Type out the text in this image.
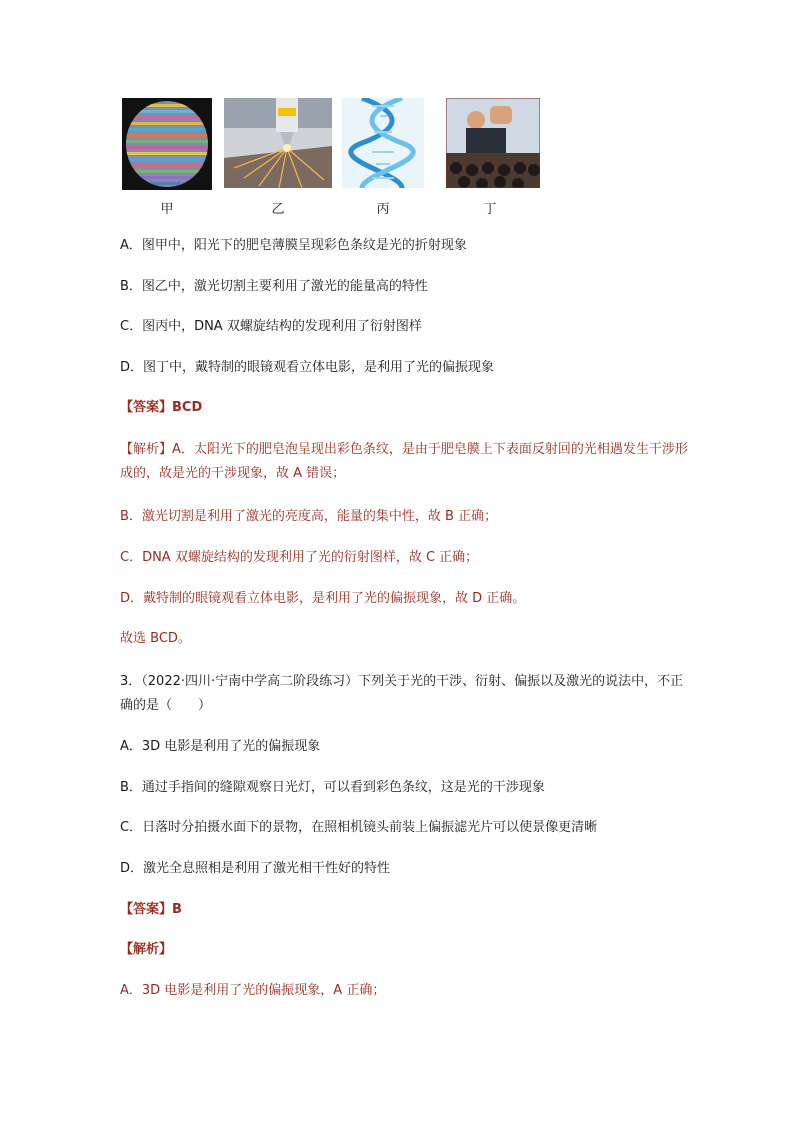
甲	乙	丙	丁
A．图甲中，阳光下的肥皂薄膜呈现彩色条纹是光的折射现象
B．图乙中，激光切割主要利用了激光的能量高的特性
C．图丙中，DNA 双螺旋结构的发现利用了衍射图样
D．图丁中，戴特制的眼镜观看立体电影，是利用了光的偏振现象
【答案】BCD
【解析】A．太阳光下的肥皂泡呈现出彩色条纹，是由于肥皂膜上下表面反射回的光相遇发生干涉形成的，故是光的干涉现象，故 A 错误；
B．激光切割是利用了激光的亮度高，能量的集中性，故 B 正确；
C．DNA 双螺旋结构的发现利用了光的衍射图样，故 C 正确；
D．戴特制的眼镜观看立体电影，是利用了光的偏振现象，故 D 正确。
故选 BCD。
3．（2022·四川·宁南中学高二阶段练习）下列关于光的干涉、衍射、偏振以及激光的说法中，不正确的是（　　）
A．3D 电影是利用了光的偏振现象
B．通过手指间的缝隙观察日光灯，可以看到彩色条纹，这是光的干涉现象
C．日落时分拍摄水面下的景物，在照相机镜头前装上偏振滤光片可以使景像更清晰
D．激光全息照相是利用了激光相干性好的特性
【答案】B
【解析】
A．3D 电影是利用了光的偏振现象，A 正确；
